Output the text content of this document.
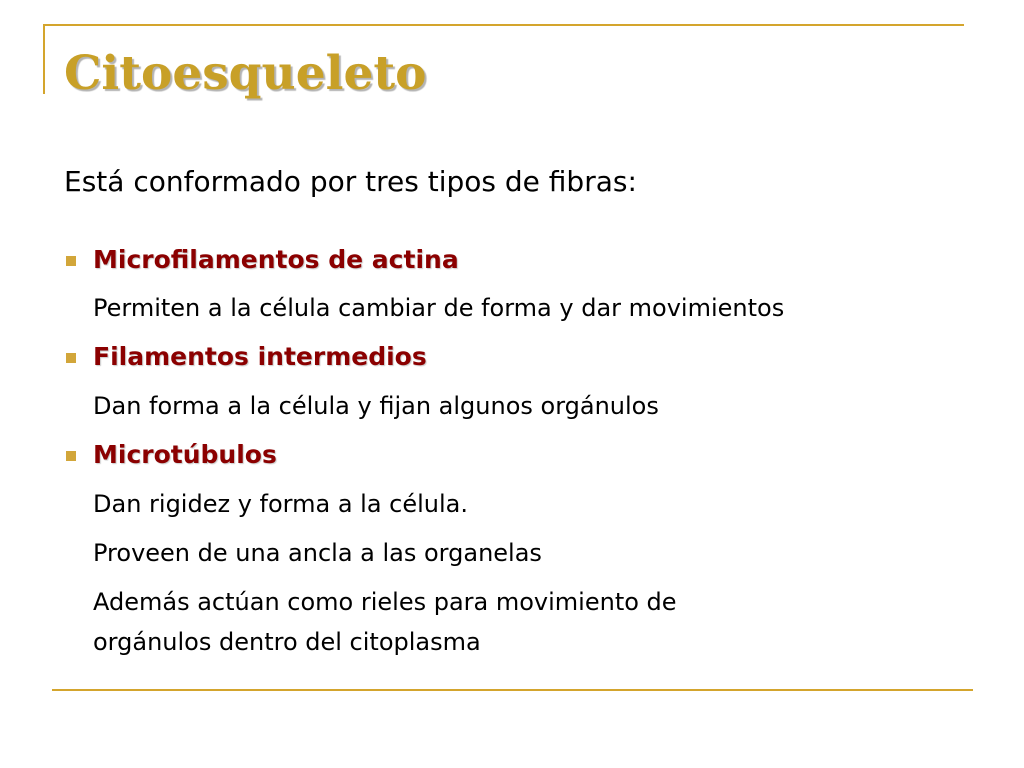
Citoesqueleto
Está conformado por tres tipos de fibras:
Microfilamentos de actina
Permiten a la célula cambiar de forma y dar movimientos
Filamentos intermedios
Dan forma a la célula y fijan algunos orgánulos
Microtúbulos
Dan rigidez y forma a la célula.
Proveen de una ancla a las organelas
Además actúan como rieles para movimiento de
orgánulos dentro del citoplasma
